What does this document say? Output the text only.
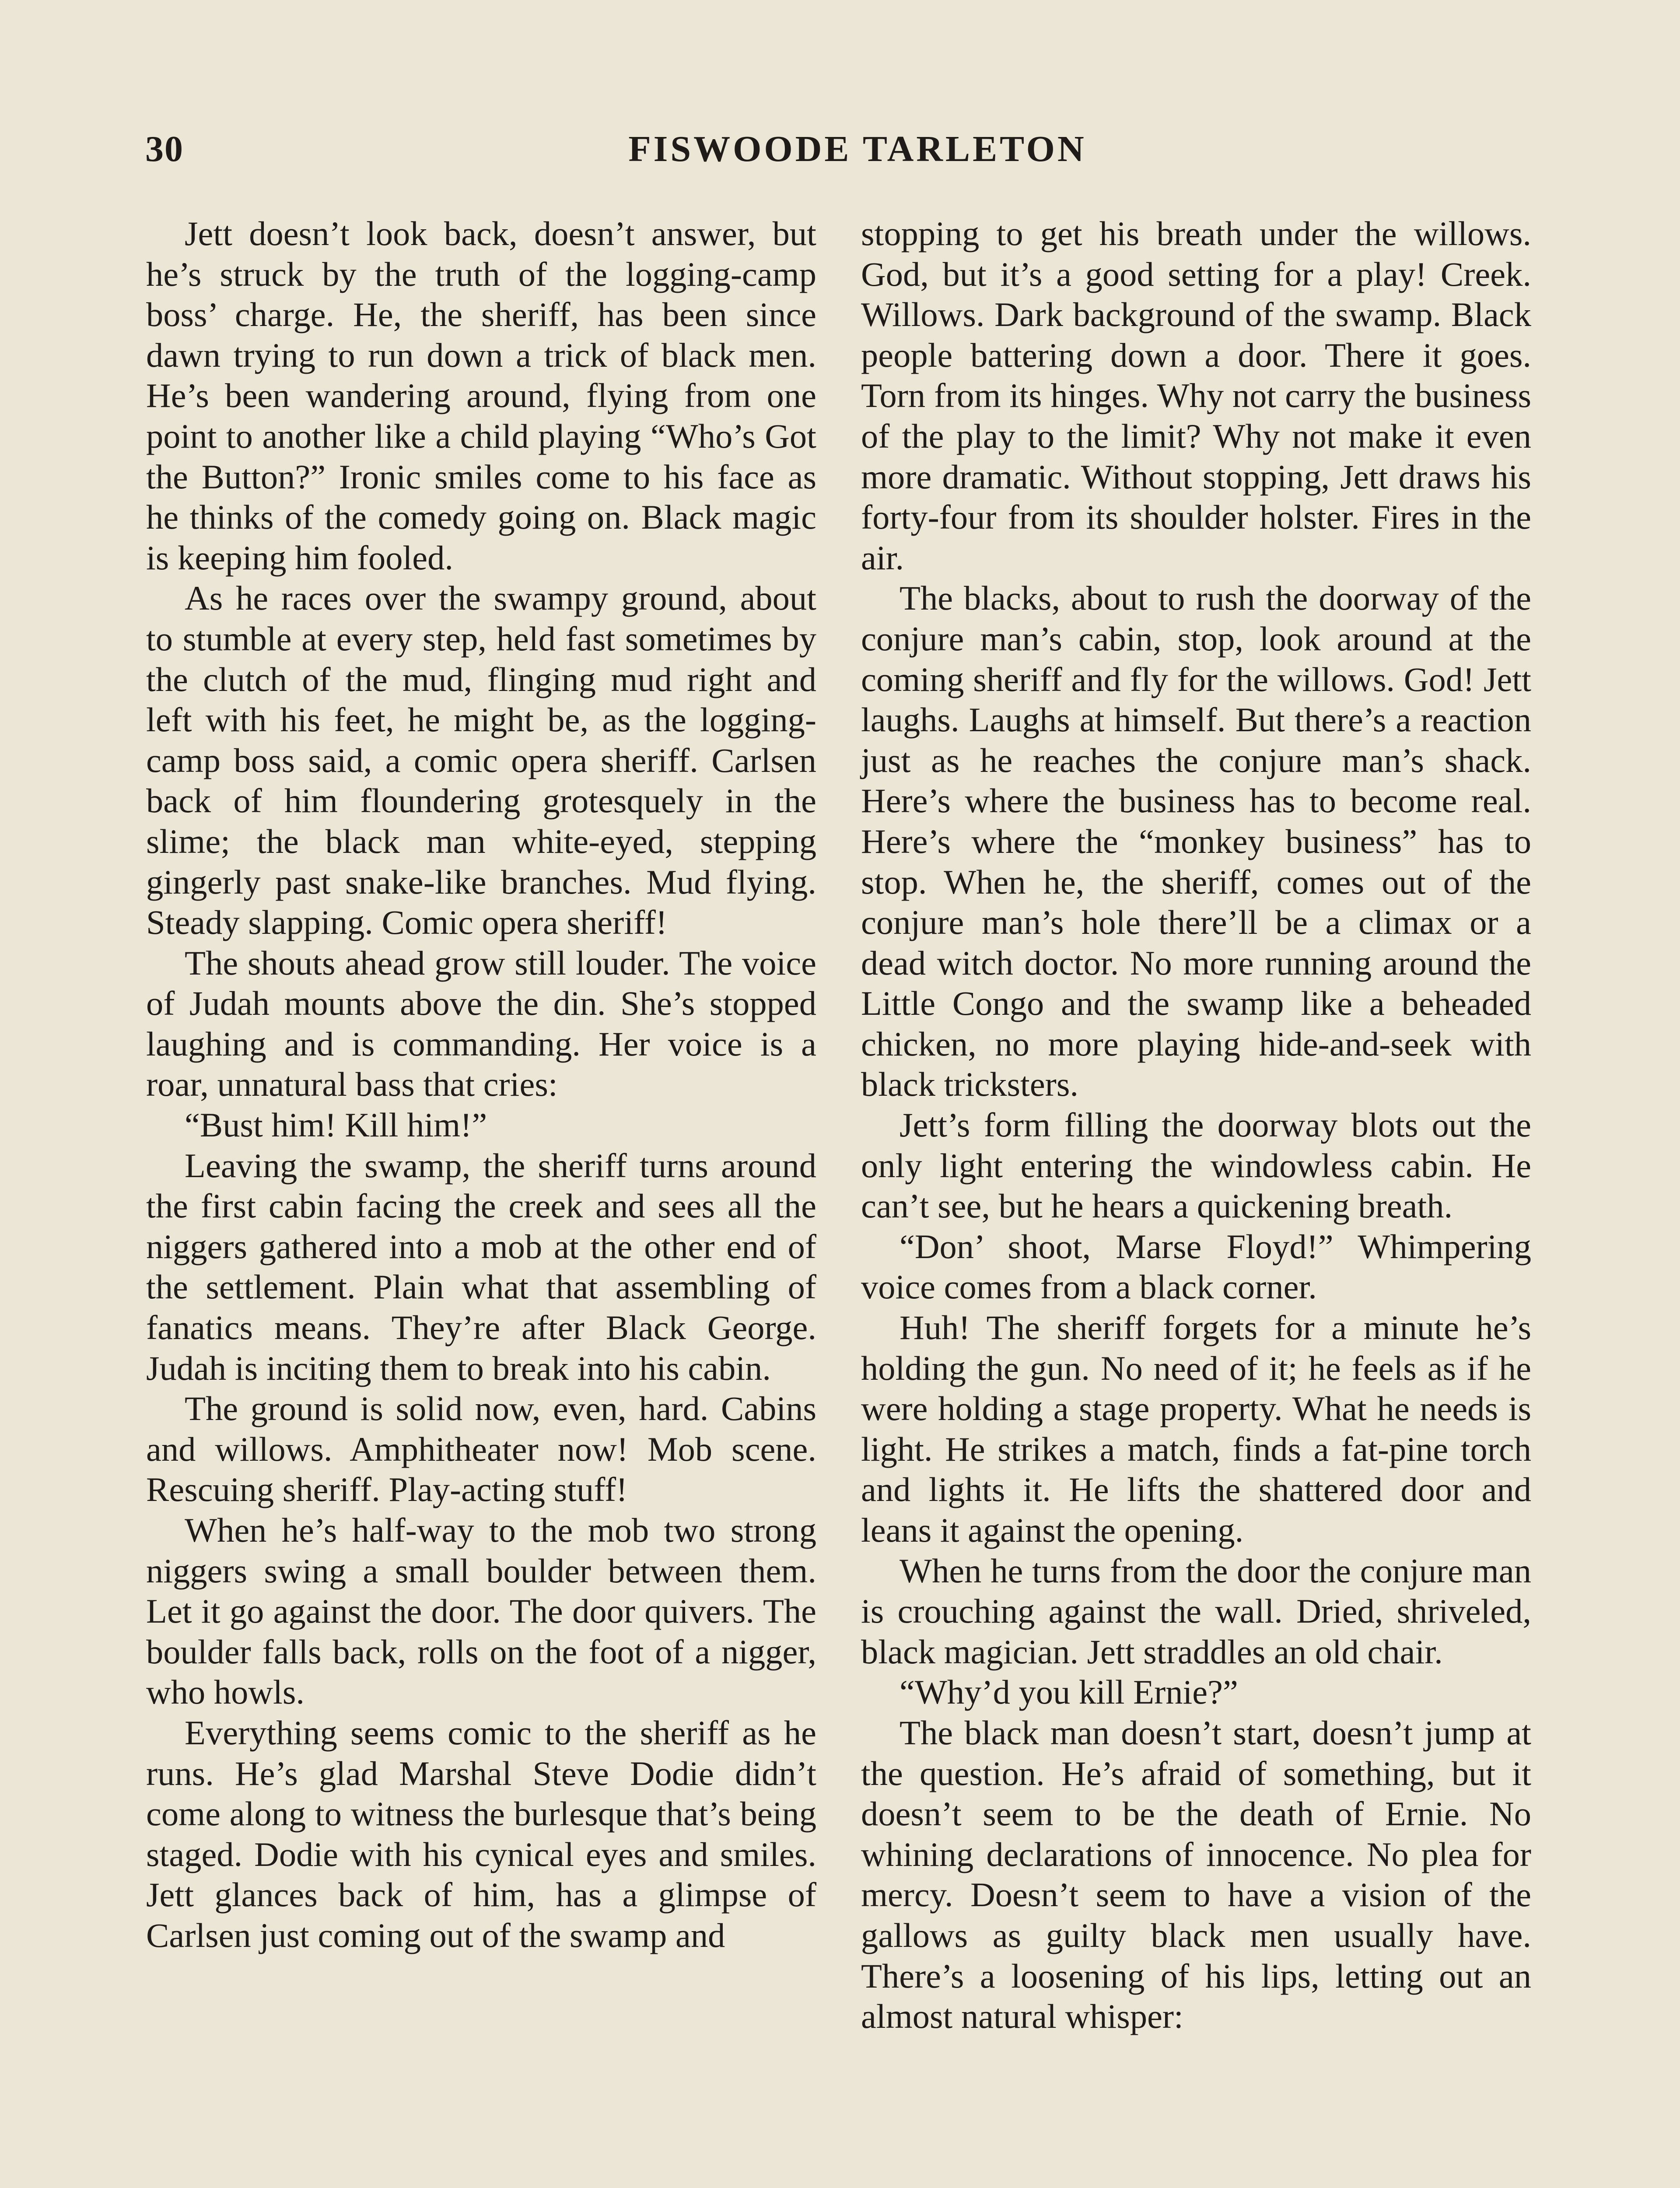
30	FISWOODE TARLETON

Jett doesn’t look back, doesn’t answer, but he’s struck by the truth of the logging-camp boss’ charge. He, the sheriff, has been since dawn trying to run down a trick of black men. He’s been wandering around, flying from one point to another like a child playing “Who’s Got the Button?” Ironic smiles come to his face as he thinks of the comedy going on. Black magic is keeping him fooled.

As he races over the swampy ground, about to stumble at every step, held fast sometimes by the clutch of the mud, flinging mud right and left with his feet, he might be, as the logging-camp boss said, a comic opera sheriff. Carlsen back of him floundering grotesquely in the slime; the black man white-eyed, stepping gingerly past snake-like branches. Mud flying. Steady slapping. Comic opera sheriff!

The shouts ahead grow still louder. The voice of Judah mounts above the din. She’s stopped laughing and is commanding. Her voice is a roar, unnatural bass that cries:

“Bust him! Kill him!”

Leaving the swamp, the sheriff turns around the first cabin facing the creek and sees all the niggers gathered into a mob at the other end of the settlement. Plain what that assembling of fanatics means. They’re after Black George. Judah is inciting them to break into his cabin.

The ground is solid now, even, hard. Cabins and willows. Amphitheater now! Mob scene. Rescuing sheriff. Play-acting stuff!

When he’s half-way to the mob two strong niggers swing a small boulder between them. Let it go against the door. The door quivers. The boulder falls back, rolls on the foot of a nigger, who howls.

Everything seems comic to the sheriff as he runs. He’s glad Marshal Steve Dodie didn’t come along to witness the burlesque that’s being staged. Dodie with his cynical eyes and smiles. Jett glances back of him, has a glimpse of Carlsen just coming out of the swamp and

stopping to get his breath under the willows. God, but it’s a good setting for a play! Creek. Willows. Dark background of the swamp. Black people battering down a door. There it goes. Torn from its hinges. Why not carry the business of the play to the limit? Why not make it even more dramatic. Without stopping, Jett draws his forty-four from its shoulder holster. Fires in the air.

The blacks, about to rush the doorway of the conjure man’s cabin, stop, look around at the coming sheriff and fly for the willows. God! Jett laughs. Laughs at himself. But there’s a reaction just as he reaches the conjure man’s shack. Here’s where the business has to become real. Here’s where the “monkey business” has to stop. When he, the sheriff, comes out of the conjure man’s hole there’ll be a climax or a dead witch doctor. No more running around the Little Congo and the swamp like a beheaded chicken, no more playing hide-and-seek with black tricksters.

Jett’s form filling the doorway blots out the only light entering the windowless cabin. He can’t see, but he hears a quickening breath.

“Don’ shoot, Marse Floyd!” Whimpering voice comes from a black corner.

Huh! The sheriff forgets for a minute he’s holding the gun. No need of it; he feels as if he were holding a stage property. What he needs is light. He strikes a match, finds a fat-pine torch and lights it. He lifts the shattered door and leans it against the opening.

When he turns from the door the conjure man is crouching against the wall. Dried, shriveled, black magician. Jett straddles an old chair.

“Why’d you kill Ernie?”

The black man doesn’t start, doesn’t jump at the question. He’s afraid of something, but it doesn’t seem to be the death of Ernie. No whining declarations of innocence. No plea for mercy. Doesn’t seem to have a vision of the gallows as guilty black men usually have. There’s a loosening of his lips, letting out an almost natural whisper:
